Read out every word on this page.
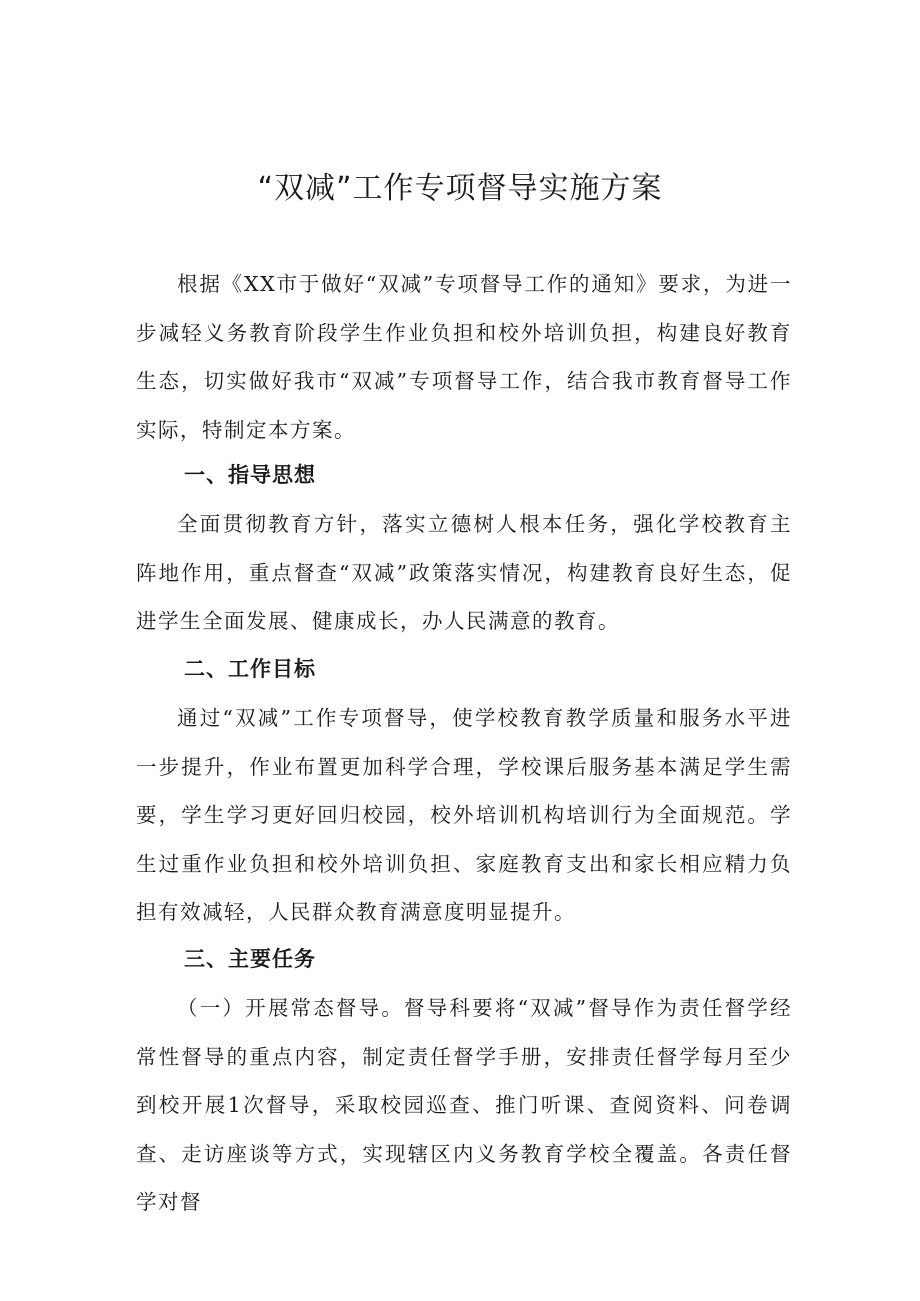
“双减”工作专项督导实施方案

根据《XX市于做好“双减”专项督导工作的通知》要求，为进一步减轻义务教育阶段学生作业负担和校外培训负担，构建良好教育生态，切实做好我市“双减”专项督导工作，结合我市教育督导工作实际，特制定本方案。

一、指导思想

全面贯彻教育方针，落实立德树人根本任务，强化学校教育主阵地作用，重点督查“双减”政策落实情况，构建教育良好生态，促进学生全面发展、健康成长，办人民满意的教育。

二、工作目标

通过“双减”工作专项督导，使学校教育教学质量和服务水平进一步提升，作业布置更加科学合理，学校课后服务基本满足学生需要，学生学习更好回归校园，校外培训机构培训行为全面规范。学生过重作业负担和校外培训负担、家庭教育支出和家长相应精力负担有效减轻，人民群众教育满意度明显提升。

三、主要任务

（一）开展常态督导。督导科要将“双减”督导作为责任督学经常性督导的重点内容，制定责任督学手册，安排责任督学每月至少到校开展1次督导，采取校园巡查、推门听课、查阅资料、问卷调查、走访座谈等方式，实现辖区内义务教育学校全覆盖。各责任督学对督
